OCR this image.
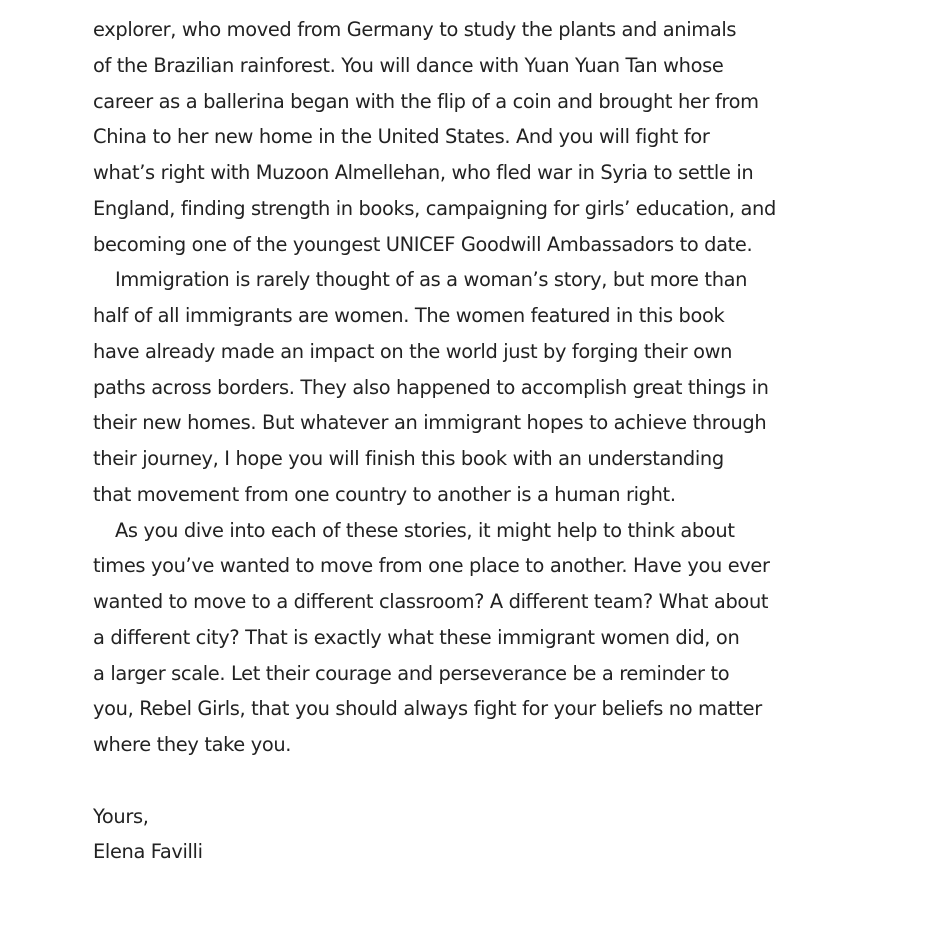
explorer, who moved from Germany to study the plants and animals
of the Brazilian rainforest. You will dance with Yuan Yuan Tan whose
career as a ballerina began with the flip of a coin and brought her from
China to her new home in the United States. And you will fight for
what’s right with Muzoon Almellehan, who fled war in Syria to settle in
England, finding strength in books, campaigning for girls’ education, and
becoming one of the youngest UNICEF Goodwill Ambassadors to date.
Immigration is rarely thought of as a woman’s story, but more than
half of all immigrants are women. The women featured in this book
have already made an impact on the world just by forging their own
paths across borders. They also happened to accomplish great things in
their new homes. But whatever an immigrant hopes to achieve through
their journey, I hope you will finish this book with an understanding
that movement from one country to another is a human right.
As you dive into each of these stories, it might help to think about
times you’ve wanted to move from one place to another. Have you ever
wanted to move to a different classroom? A different team? What about
a different city? That is exactly what these immigrant women did, on
a larger scale. Let their courage and perseverance be a reminder to
you, Rebel Girls, that you should always fight for your beliefs no matter
where they take you.
Yours,
Elena Favilli
